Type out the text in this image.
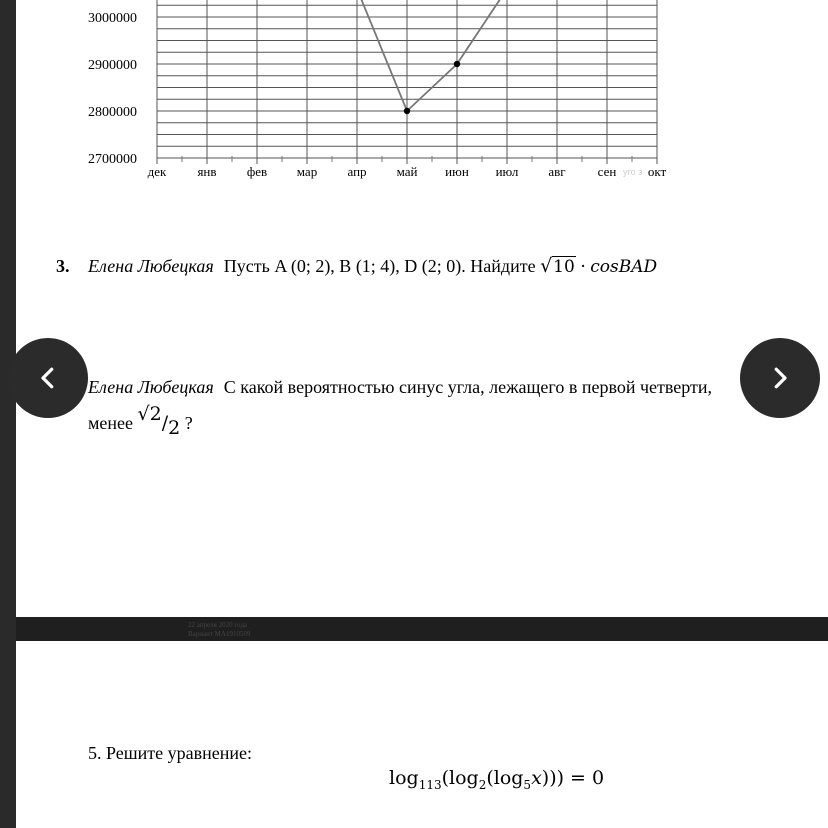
3000000
2900000
2800000
2700000
дек янв фев мар апр май июн июл авг сен окт
уго з
3. Елена Любецкая Пусть A (0; 2), B (1; 4), D (2; 0). Найдите √10 · cosBAD
Елена Любецкая С какой вероятностью синус угла, лежащего в первой четверти,
менее √2/2 ?
22 апреля 2020 года
Вариант MA1910509
5. Решите уравнение:
$\log_{113}(\log_2(\log_5x))) = 0$
